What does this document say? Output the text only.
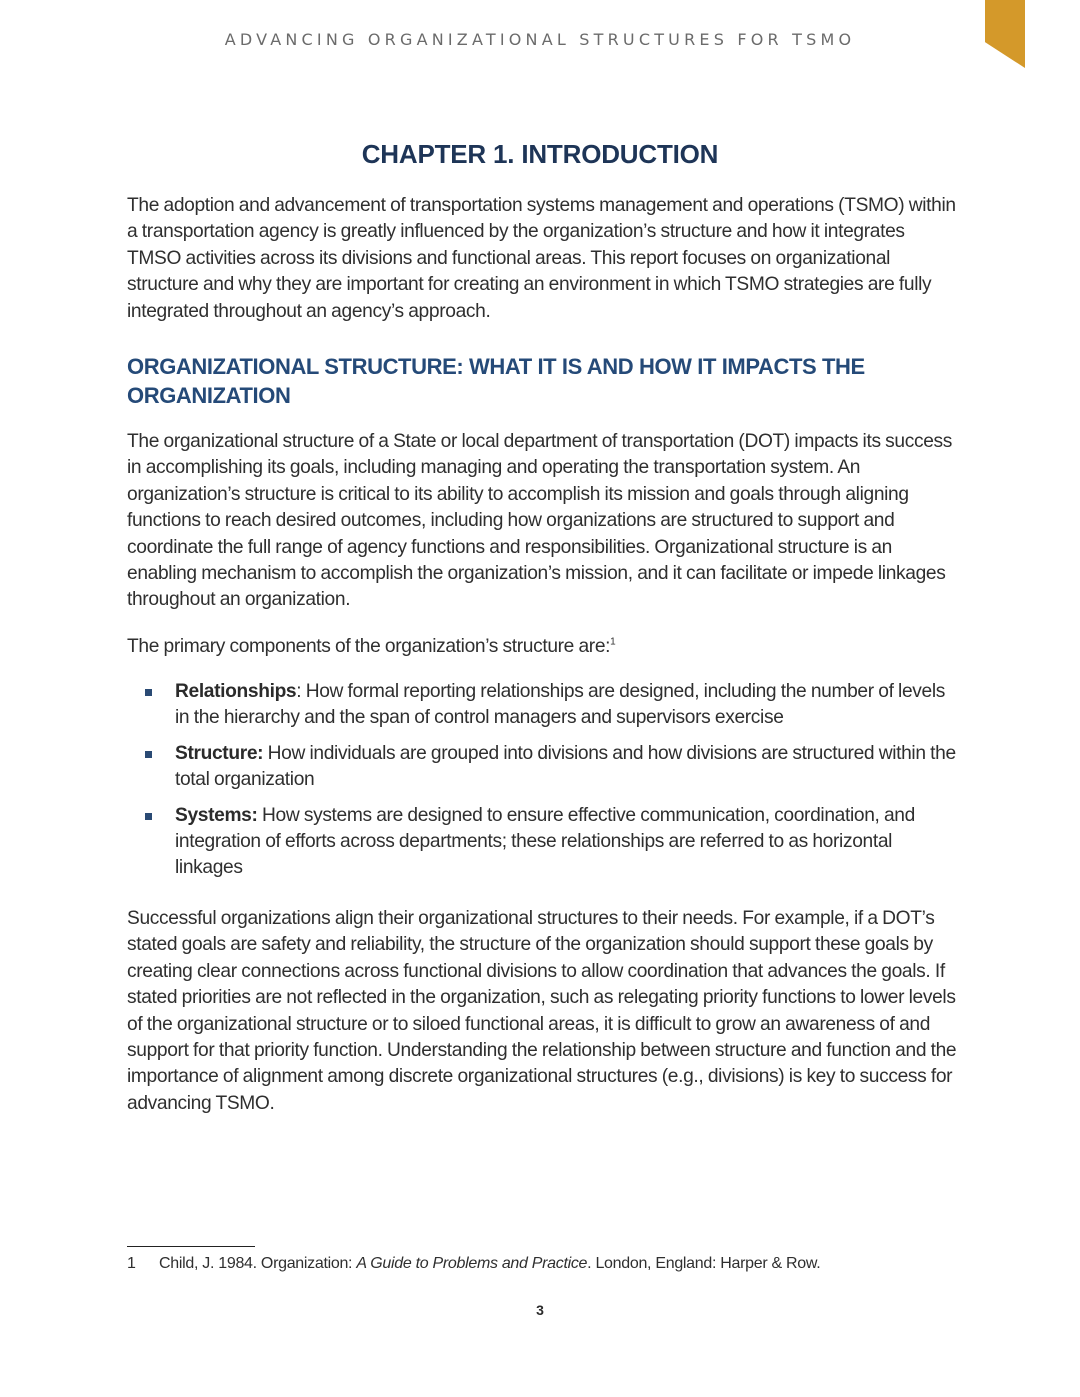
ADVANCING ORGANIZATIONAL STRUCTURES FOR TSMO
CHAPTER 1. INTRODUCTION

The adoption and advancement of transportation systems management and operations (TSMO) within a transportation agency is greatly influenced by the organization’s structure and how it integrates TMSO activities across its divisions and functional areas. This report focuses on organizational structure and why they are important for creating an environment in which TSMO strategies are fully integrated throughout an agency’s approach.

ORGANIZATIONAL STRUCTURE: WHAT IT IS AND HOW IT IMPACTS THE ORGANIZATION

The organizational structure of a State or local department of transportation (DOT) impacts its success in accomplishing its goals, including managing and operating the transportation system. An organization’s structure is critical to its ability to accomplish its mission and goals through aligning functions to reach desired outcomes, including how organizations are structured to support and coordinate the full range of agency functions and responsibilities. Organizational structure is an enabling mechanism to accomplish the organization’s mission, and it can facilitate or impede linkages throughout an organization.

The primary components of the organization’s structure are:$^1$

Relationships: How formal reporting relationships are designed, including the number of levels in the hierarchy and the span of control managers and supervisors exercise
Structure: How individuals are grouped into divisions and how divisions are structured within the total organization
Systems: How systems are designed to ensure effective communication, coordination, and integration of efforts across departments; these relationships are referred to as horizontal linkages

Successful organizations align their organizational structures to their needs. For example, if a DOT’s stated goals are safety and reliability, the structure of the organization should support these goals by creating clear connections across functional divisions to allow coordination that advances the goals. If stated priorities are not reflected in the organization, such as relegating priority functions to lower levels of the organizational structure or to siloed functional areas, it is difficult to grow an awareness of and support for that priority function. Understanding the relationship between structure and function and the importance of alignment among discrete organizational structures (e.g., divisions) is key to success for advancing TSMO.

1 Child, J. 1984. Organization: A Guide to Problems and Practice. London, England: Harper & Row.
3
